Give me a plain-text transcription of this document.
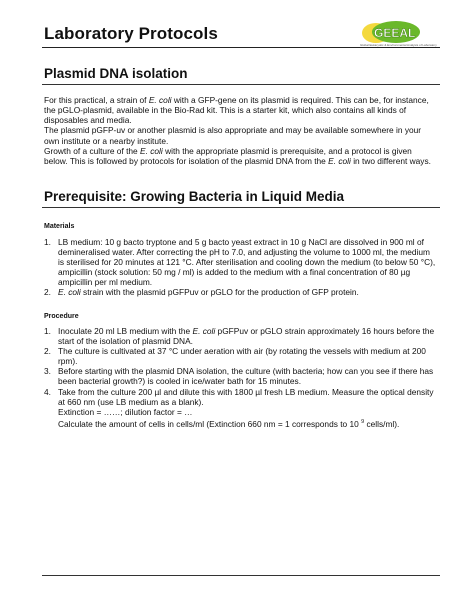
Laboratory Protocols	GEEAL
Global Eukaryotic & Environmental Analysis of Laboratory
Plasmid DNA isolation

For this practical, a strain of E. coli with a GFP-gene on its plasmid is required. This can be, for instance, the pGLO-plasmid, available in the Bio-Rad kit. This is a starter kit, which also contains all kinds of disposables and media.

The plasmid pGFP-uv or another plasmid is also appropriate and may be available somewhere in your own institute or a nearby institute.

Growth of a culture of the E. coli with the appropriate plasmid is prerequisite, and a protocol is given below. This is followed by protocols for isolation of the plasmid DNA from the E. coli in two different ways.

Prerequisite: Growing Bacteria in Liquid Media
Materials
1. LB medium: 10 g bacto tryptone and 5 g bacto yeast extract in 10 g NaCl are dissolved in 900 ml of demineralised water. After correcting the pH to 7.0, and adjusting the volume to 1000 ml, the medium is sterilised for 20 minutes at 121 °C. After sterilisation and cooling down the medium (to below 50 °C), ampicillin (stock solution: 50 mg / ml) is added to the medium with a final concentration of 80 µg ampicillin per ml medium.
2. E. coli strain with the plasmid pGFPuv or pGLO for the production of GFP protein.
Procedure
1. Inoculate 20 ml LB medium with the E. coli pGFPuv or pGLO strain approximately 16 hours before the start of the isolation of plasmid DNA.
2. The culture is cultivated at 37 °C under aeration with air (by rotating the vessels with medium at 200 rpm).
3. Before starting with the plasmid DNA isolation, the culture (with bacteria; how can you see if there has been bacterial growth?) is cooled in ice/water bath for 15 minutes.
4. Take from the culture 200 µl and dilute this with 1800 µl fresh LB medium. Measure the optical density at 660 nm (use LB medium as a blank).
Extinction = ……; dilution factor = …
Calculate the amount of cells in cells/ml (Extinction 660 nm = 1 corresponds to 10 $^9$ cells/ml).
